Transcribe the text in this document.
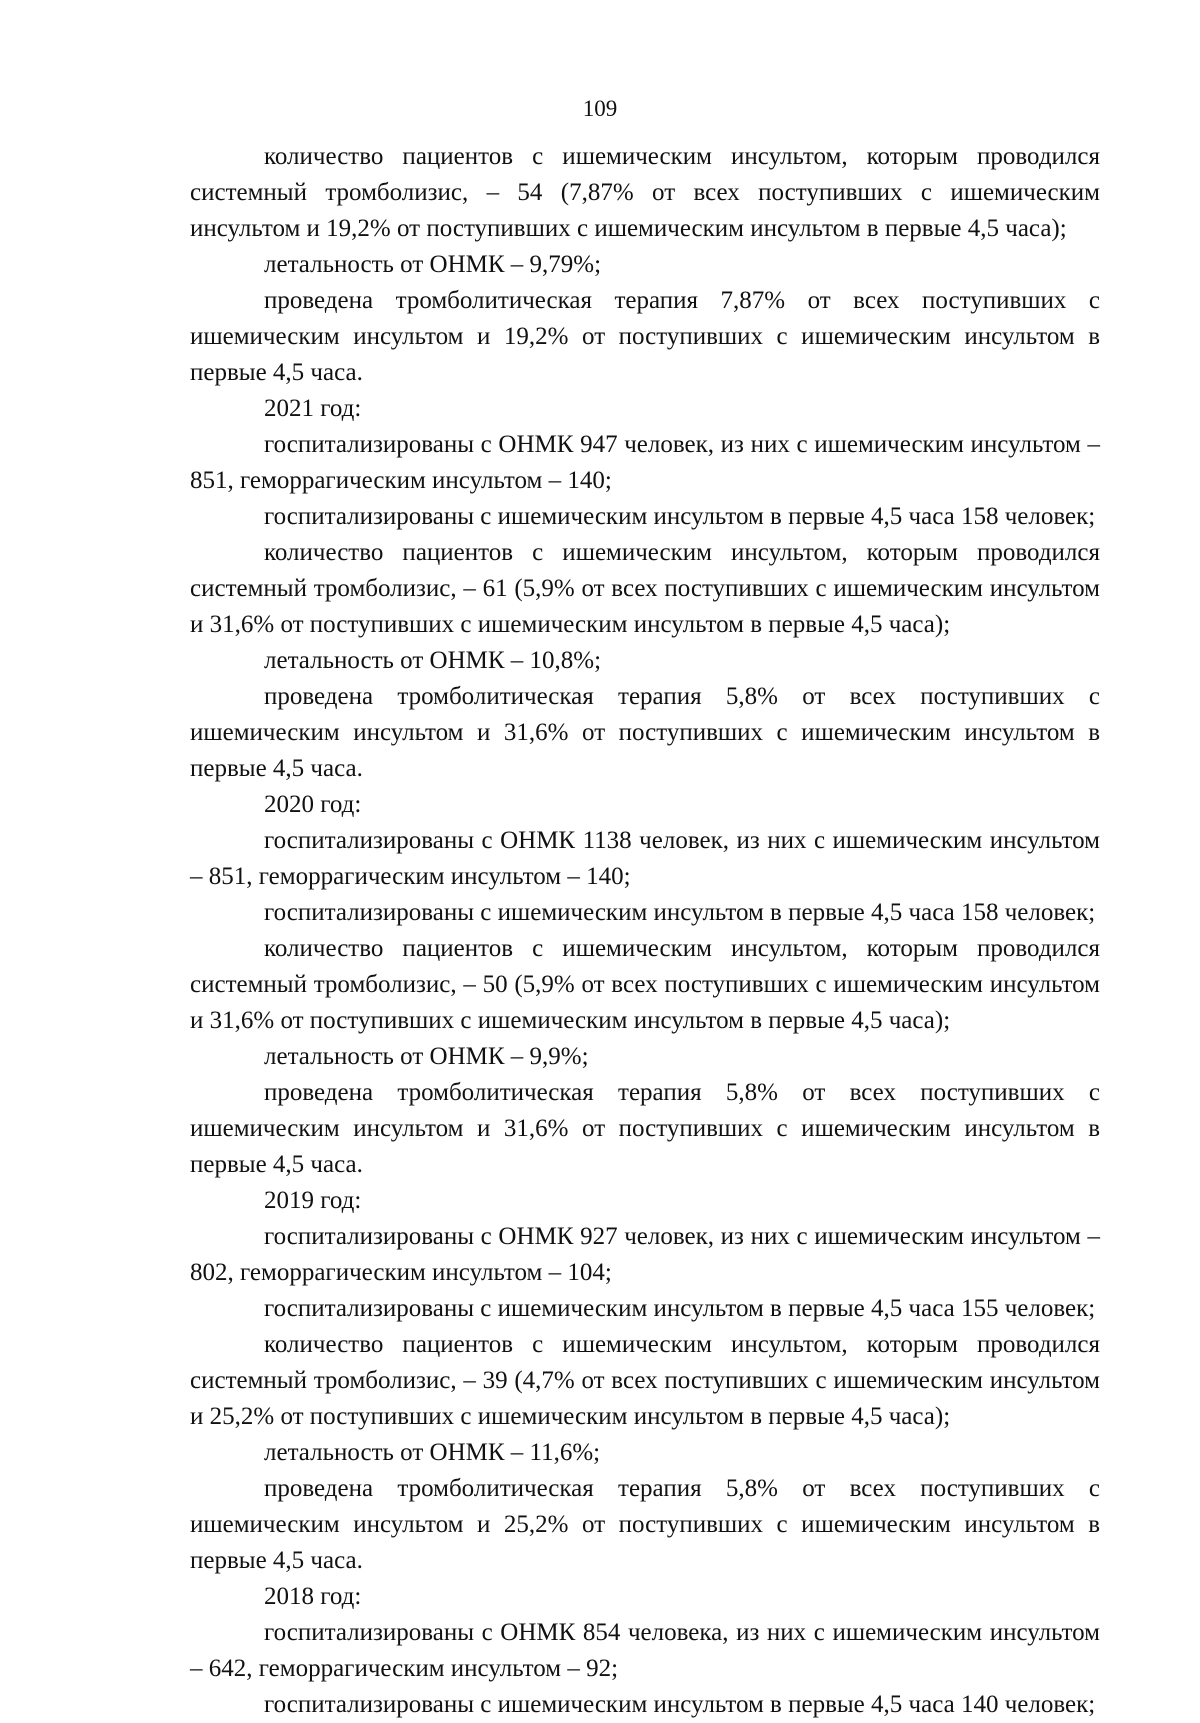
109

количество пациентов с ишемическим инсультом, которым проводился системный тромболизис, – 54 (7,87% от всех поступивших с ишемическим инсультом и 19,2% от поступивших с ишемическим инсультом в первые 4,5 часа);

летальность от ОНМК – 9,79%;

проведена тромболитическая терапия 7,87% от всех поступивших с ишемическим инсультом и 19,2% от поступивших с ишемическим инсультом в первые 4,5 часа.

2021 год:

госпитализированы с ОНМК 947 человек, из них с ишемическим инсультом – 851, геморрагическим инсультом – 140;

госпитализированы с ишемическим инсультом в первые 4,5 часа 158 человек;

количество пациентов с ишемическим инсультом, которым проводился системный тромболизис, – 61 (5,9% от всех поступивших с ишемическим инсультом и 31,6% от поступивших с ишемическим инсультом в первые 4,5 часа);

летальность от ОНМК – 10,8%;

проведена тромболитическая терапия 5,8% от всех поступивших с ишемическим инсультом и 31,6% от поступивших с ишемическим инсультом в первые 4,5 часа.

2020 год:

госпитализированы с ОНМК 1138 человек, из них с ишемическим инсультом – 851, геморрагическим инсультом – 140;

госпитализированы с ишемическим инсультом в первые 4,5 часа 158 человек;

количество пациентов с ишемическим инсультом, которым проводился системный тромболизис, – 50 (5,9% от всех поступивших с ишемическим инсультом и 31,6% от поступивших с ишемическим инсультом в первые 4,5 часа);

летальность от ОНМК – 9,9%;

проведена тромболитическая терапия 5,8% от всех поступивших с ишемическим инсультом и 31,6% от поступивших с ишемическим инсультом в первые 4,5 часа.

2019 год:

госпитализированы с ОНМК 927 человек, из них с ишемическим инсультом – 802, геморрагическим инсультом – 104;

госпитализированы с ишемическим инсультом в первые 4,5 часа 155 человек;

количество пациентов с ишемическим инсультом, которым проводился системный тромболизис, – 39 (4,7% от всех поступивших с ишемическим инсультом и 25,2% от поступивших с ишемическим инсультом в первые 4,5 часа);

летальность от ОНМК – 11,6%;

проведена тромболитическая терапия 5,8% от всех поступивших с ишемическим инсультом и 25,2% от поступивших с ишемическим инсультом в первые 4,5 часа.

2018 год:

госпитализированы с ОНМК 854 человека, из них с ишемическим инсультом – 642, геморрагическим инсультом – 92;

госпитализированы с ишемическим инсультом в первые 4,5 часа 140 человек;
